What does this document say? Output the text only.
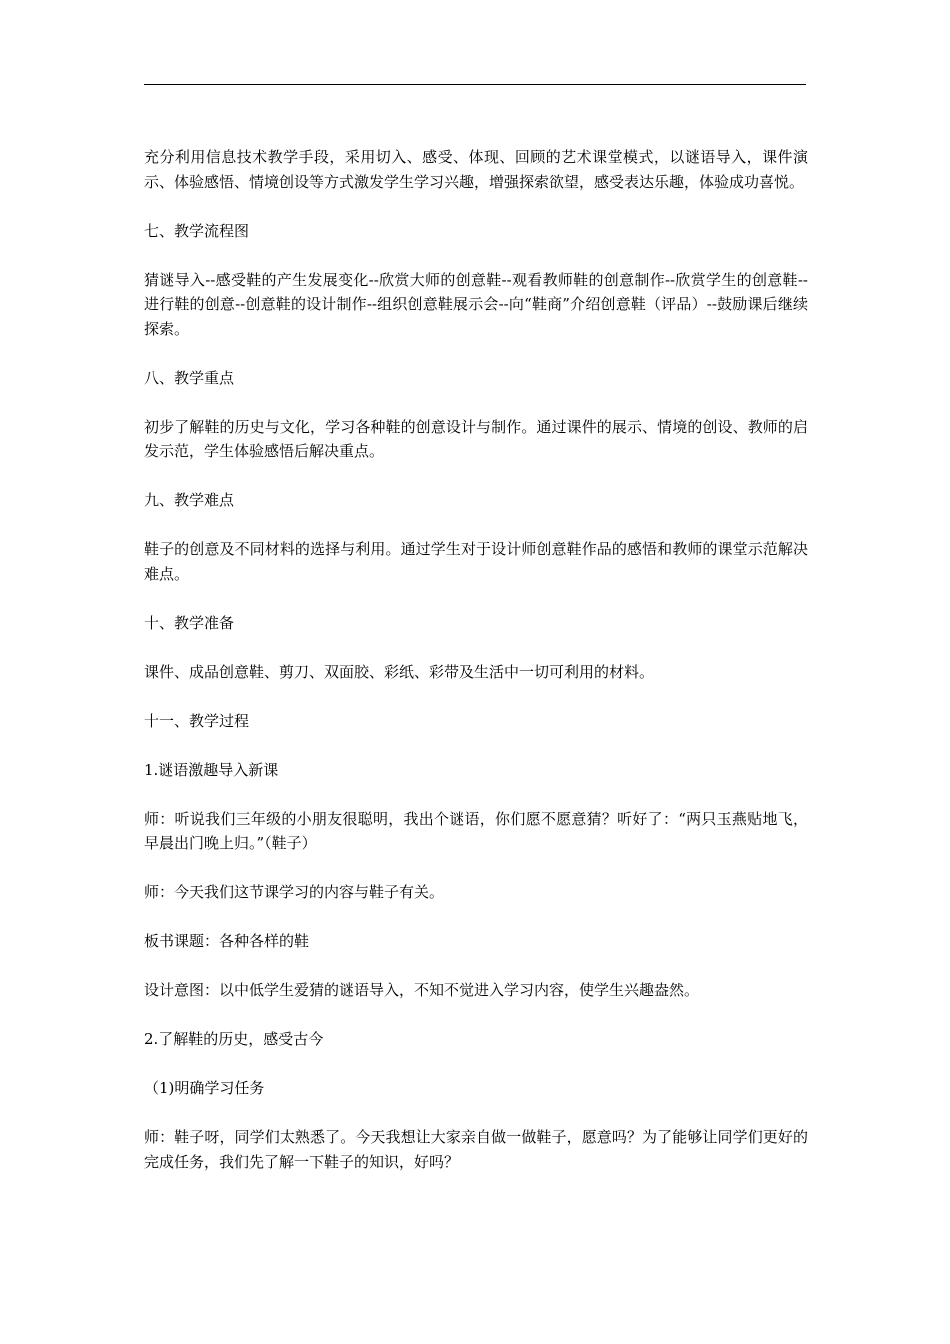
充分利用信息技术教学手段，采用切入、感受、体现、回顾的艺术课堂模式，以谜语导入，课件演示、体验感悟、情境创设等方式激发学生学习兴趣，增强探索欲望，感受表达乐趣，体验成功喜悦。

七、教学流程图

猜谜导入--感受鞋的产生发展变化--欣赏大师的创意鞋--观看教师鞋的创意制作--欣赏学生的创意鞋--进行鞋的创意--创意鞋的设计制作--组织创意鞋展示会--向“鞋商”介绍创意鞋（评品）--鼓励课后继续探索。

八、教学重点

初步了解鞋的历史与文化，学习各种鞋的创意设计与制作。通过课件的展示、情境的创设、教师的启发示范，学生体验感悟后解决重点。

九、教学难点

鞋子的创意及不同材料的选择与利用。通过学生对于设计师创意鞋作品的感悟和教师的课堂示范解决难点。

十、教学准备

课件、成品创意鞋、剪刀、双面胶、彩纸、彩带及生活中一切可利用的材料。

十一、教学过程

1.谜语激趣导入新课

师：听说我们三年级的小朋友很聪明，我出个谜语，你们愿不愿意猜？听好了：“两只玉燕贴地飞，早晨出门晚上归。”（鞋子）

师：今天我们这节课学习的内容与鞋子有关。

板书课题：各种各样的鞋

设计意图：以中低学生爱猜的谜语导入，不知不觉进入学习内容，使学生兴趣盎然。

2.了解鞋的历史，感受古今

（1)明确学习任务

师：鞋子呀，同学们太熟悉了。今天我想让大家亲自做一做鞋子，愿意吗？为了能够让同学们更好的完成任务，我们先了解一下鞋子的知识，好吗？
